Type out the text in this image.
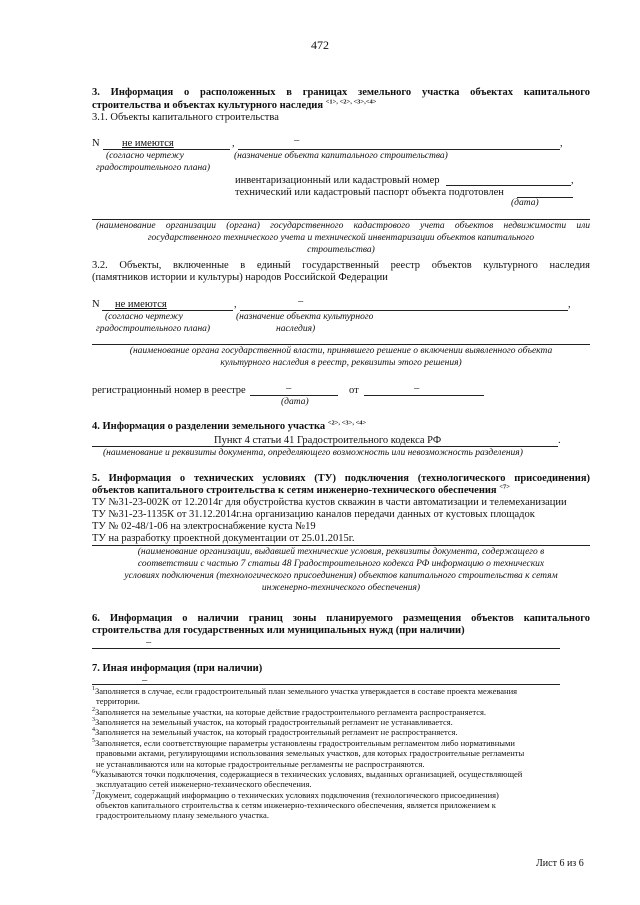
472
3. Информация о расположенных в границах земельного участка объектах капитального
строительства и объектах культурного наследия $^{<1>, <2>, <3>,<4>}$
3.1. Объекты капитального строительства
N не имеются	,	–	,
(согласно чертежу	(назначение объекта капитального строительства)
градостроительного плана)
инвентаризационный или кадастровый номер	,
технический или кадастровый паспорт объекта подготовлен
(дата)
(наименование организации (органа) государственного кадастрового учета объектов недвижимости или
государственного технического учета и технической инвентаризации объектов капитального
строительства)
3.2. Объекты, включенные в единый государственный реестр объектов культурного наследия
(памятников истории и культуры) народов Российской Федерации
N не имеются	,	–	,
(согласно чертежу	(назначение объекта культурного
градостроительного плана)	наследия)
(наименование органа государственной власти, принявшего решение о включении выявленного объекта
культурного наследия в реестр, реквизиты этого решения)
регистрационный номер в реестре	–	от	–
(дата)
4. Информация о разделении земельного участка $^{<2>, <3>, <4>}$
Пункт 4 статьи 41 Градостроительного кодекса РФ	.
(наименование и реквизиты документа, определяющего возможность или невозможность разделения)
5. Информация о технических условиях (ТУ) подключения (технологического присоединения)
объектов капитального строительства к сетям инженерно-технического обеспечения $^{<7>}$
ТУ №31-23-002К от 12.2014г для обустройства кустов скважин в части автоматизации и телемеханизации
ТУ №31-23-1135К от 31.12.2014г.на организацию каналов передачи данных от кустовых площадок
ТУ № 02-48/1-06 на электроснабжение куста №19
ТУ на разработку проектной документации от 25.01.2015г.
(наименование организации, выдавшей технические условия, реквизиты документа, содержащего в
соответствии с частью 7 статьи 48 Градостроительного кодекса РФ информацию о технических
условиях подключения (технологического присоединения) объектов капитального строительства к сетям
инженерно-технического обеспечения)
6. Информация о наличии границ зоны планируемого размещения объектов капитального
строительства для государственных или муниципальных нужд (при наличии)
–
7. Иная информация (при наличии)
–
$^1$Заполняется в случае, если градостроительный план земельного участка утверждается в составе проекта межевания
территории.
$^2$Заполняется на земельные участки, на которые действие градостроительного регламента распространяется.
$^3$Заполняется на земельный участок, на который градостроительный регламент не устанавливается.
$^4$Заполняется на земельный участок, на который градостроительный регламент не распространяется.
$^5$Заполняется, если соответствующие параметры установлены градостроительным регламентом либо нормативными
правовыми актами, регулирующими использования земельных участков, для которых градостроительные регламенты
не устанавливаются или на которые градостроительные регламенты не распространяются.
$^6$Указываются точки подключения, содержащиеся в технических условиях, выданных организацией, осуществляющей
эксплуатацию сетей инженерно-технического обеспечения.
$^7$Документ, содержащий информацию о технических условиях подключения (технологического присоединения)
объектов капитального строительства к сетям инженерно-технического обеспечения, является приложением к
градостроительному плану земельного участка.
Лист 6 из 6
